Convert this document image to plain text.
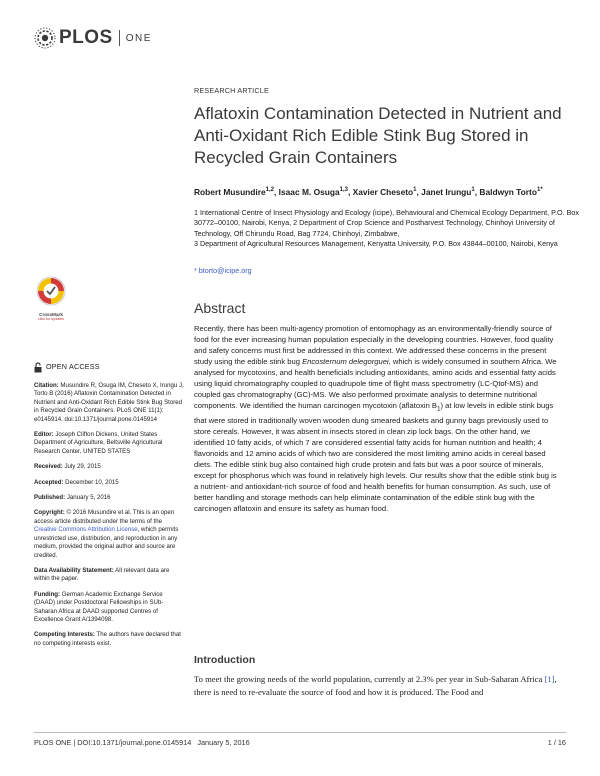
PLOS ONE
RESEARCH ARTICLE
Aflatoxin Contamination Detected in Nutrient and Anti-Oxidant Rich Edible Stink Bug Stored in Recycled Grain Containers
Robert Musundire$^{1,2}$, Isaac M. Osuga$^{1,3}$, Xavier Cheseto$^1$, Janet Irungu$^1$, Baldwyn Torto$^{1*}$

1 International Centre of Insect Physiology and Ecology (icipe), Behavioural and Chemical Ecology Department, P.O. Box 30772–00100, Nairobi, Kenya, 2 Department of Crop Science and Postharvest Technology, Chinhoyi University of Technology, Off Chirundu Road, Bag 7724, Chinhoyi, Zimbabwe,

3 Department of Agricultural Resources Management, Kenyatta University, P.O. Box 43844–00100, Nairobi, Kenya

* btorto@icipe.org
CrossMark
click for updates
OPEN ACCESS

Citation: Musundire R, Osuga IM, Cheseto X, Irungu J, Torto B (2016) Aflatoxin Contamination Detected in Nutrient and Anti-Oxidant Rich Edible Stink Bug Stored in Recycled Grain Containers. PLoS ONE 11(1): e0145914. doi:10.1371/journal.pone.0145914

Editor: Joseph Clifton Dickens, United States Department of Agriculture, Beltsville Agricultural Research Center, UNITED STATES

Received: July 29, 2015

Accepted: December 10, 2015

Published: January 5, 2016

Copyright: © 2016 Musundire et al. This is an open access article distributed under the terms of the Creative Commons Attribution License, which permits unrestricted use, distribution, and reproduction in any medium, provided the original author and source are credited.

Data Availability Statement: All relevant data are within the paper.

Funding: German Academic Exchange Service (DAAD) under Postdoctoral Fellowships in SUb-Saharan Africa at DAAD supported Centres of Excellence Grant A/1394098.

Competing Interests: The authors have declared that no competing interests exist.

Abstract

Recently, there has been multi-agency promotion of entomophagy as an environmentally-friendly source of food for the ever increasing human population especially in the developing countries. However, food quality and safety concerns must first be addressed in this context. We addressed these concerns in the present study using the edible stink bug Encosternum delegorguei, which is widely consumed in southern Africa. We analysed for mycotoxins, and health beneficials including antioxidants, amino acids and essential fatty acids using liquid chromatography coupled to quadrupole time of flight mass spectrometry (LC-Qtof-MS) and coupled gas chromatography (GC)-MS. We also performed proximate analysis to determine nutritional components. We identified the human carcinogen mycotoxin (aflatoxin $B_1$) at low levels in edible stink bugs that were stored in traditionally woven wooden dung smeared baskets and gunny bags previously used to store cereals. However, it was absent in insects stored in clean zip lock bags. On the other hand, we identified 10 fatty acids, of which 7 are considered essential fatty acids for human nutrition and health; 4 flavonoids and 12 amino acids of which two are considered the most limiting amino acids in cereal based diets. The edible stink bug also contained high crude protein and fats but was a poor source of minerals, except for phosphorus which was found in relatively high levels. Our results show that the edible stink bug is a nutrient- and antioxidant-rich source of food and health benefits for human consumption. As such, use of better handling and storage methods can help eliminate contamination of the edible stink bug with the carcinogen aflatoxin and ensure its safety as human food.

Introduction

To meet the growing needs of the world population, currently at 2.3% per year in Sub-Saharan Africa [1], there is need to re-evaluate the source of food and how it is produced. The Food and

PLOS ONE | DOI:10.1371/journal.pone.0145914   January 5, 2016	1 / 16
